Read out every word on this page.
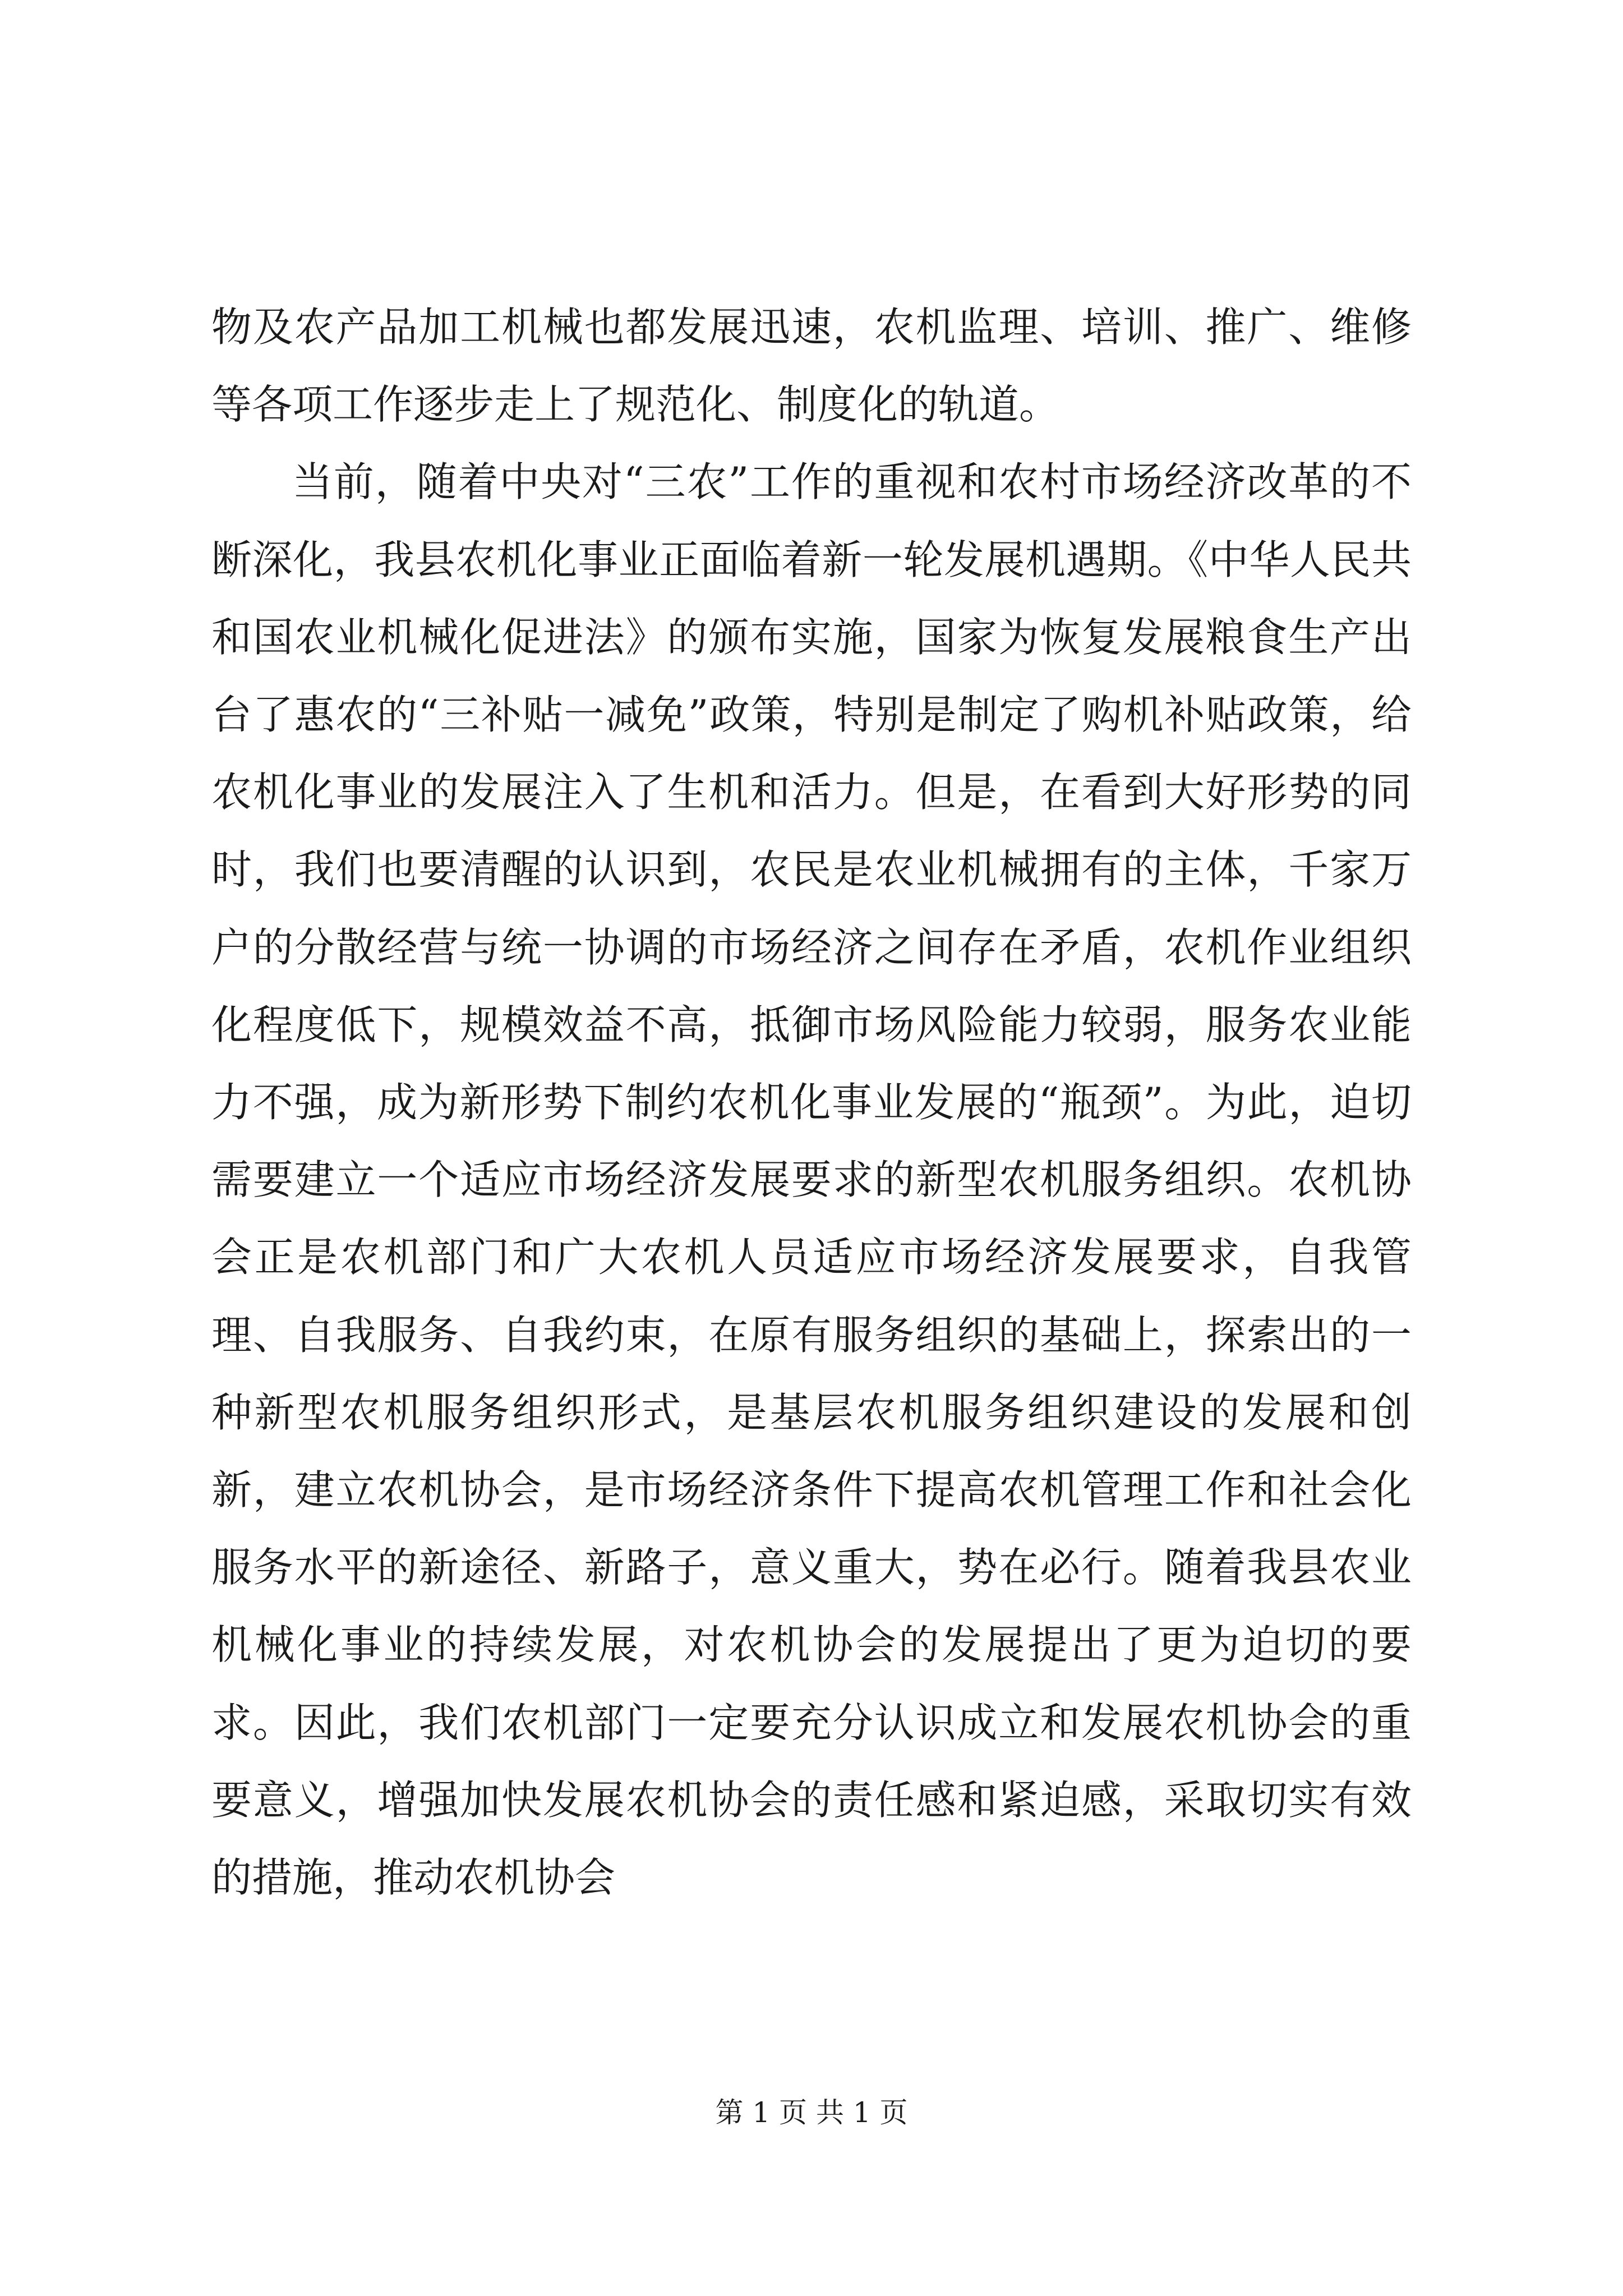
物及农产品加工机械也都发展迅速，农机监理、培训、推广、维修等各项工作逐步走上了规范化、制度化的轨道。

当前，随着中央对“三农”工作的重视和农村市场经济改革的不断深化，我县农机化事业正面临着新一轮发展机遇期。《中华人民共和国农业机械化促进法》的颁布实施，国家为恢复发展粮食生产出台了惠农的“三补贴一减免”政策，特别是制定了购机补贴政策，给农机化事业的发展注入了生机和活力。但是，在看到大好形势的同时，我们也要清醒的认识到，农民是农业机械拥有的主体，千家万户的分散经营与统一协调的市场经济之间存在矛盾，农机作业组织化程度低下，规模效益不高，抵御市场风险能力较弱，服务农业能力不强，成为新形势下制约农机化事业发展的“瓶颈”。为此，迫切需要建立一个适应市场经济发展要求的新型农机服务组织。农机协会正是农机部门和广大农机人员适应市场经济发展要求，自我管理、自我服务、自我约束，在原有服务组织的基础上，探索出的一种新型农机服务组织形式，是基层农机服务组织建设的发展和创新，建立农机协会，是市场经济条件下提高农机管理工作和社会化服务水平的新途径、新路子，意义重大，势在必行。随着我县农业机械化事业的持续发展，对农机协会的发展提出了更为迫切的要求。因此，我们农机部门一定要充分认识成立和发展农机协会的重要意义，增强加快发展农机协会的责任感和紧迫感，采取切实有效的措施，推动农机协会

第 1 页 共 1 页
